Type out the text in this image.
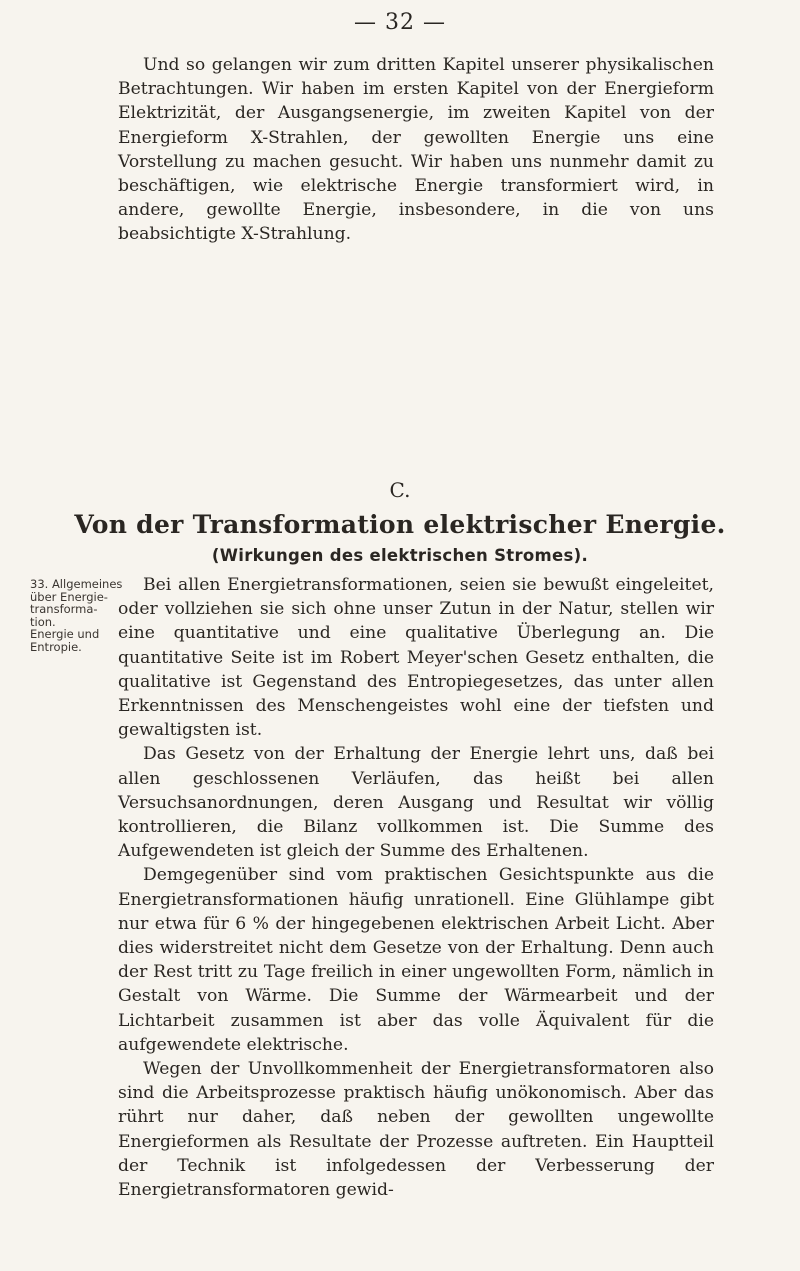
— 32 —

Und so gelangen wir zum dritten Kapitel unserer physikalischen Betrachtungen. Wir haben im ersten Kapitel von der Energieform Elektrizität, der Ausgangsenergie, im zweiten Kapitel von der Energieform X-Strahlen, der gewollten Energie uns eine Vorstellung zu machen gesucht. Wir haben uns nunmehr damit zu beschäftigen, wie elektrische Energie transformiert wird, in andere, gewollte Energie, insbesondere, in die von uns beabsichtigte X-Strahlung.

C.
Von der Transformation elektrischer Energie.
(Wirkungen des elektrischen Stromes).
33. Allgemeines
über Energie-
transforma-
tion.
Energie und
Entropie.

Bei allen Energietransformationen, seien sie bewußt eingeleitet, oder vollziehen sie sich ohne unser Zutun in der Natur, stellen wir eine quantitative und eine qualitative Überlegung an. Die quantitative Seite ist im Robert Meyer'schen Gesetz enthalten, die qualitative ist Gegenstand des Entropiegesetzes, das unter allen Erkenntnissen des Menschengeistes wohl eine der tiefsten und gewaltigsten ist.

Das Gesetz von der Erhaltung der Energie lehrt uns, daß bei allen geschlossenen Verläufen, das heißt bei allen Versuchsanordnungen, deren Ausgang und Resultat wir völlig kontrollieren, die Bilanz vollkommen ist. Die Summe des Aufgewendeten ist gleich der Summe des Erhaltenen.

Demgegenüber sind vom praktischen Gesichtspunkte aus die Energietransformationen häufig unrationell. Eine Glühlampe gibt nur etwa für 6 % der hingegebenen elektrischen Arbeit Licht. Aber dies widerstreitet nicht dem Gesetze von der Erhaltung. Denn auch der Rest tritt zu Tage freilich in einer ungewollten Form, nämlich in Gestalt von Wärme. Die Summe der Wärmearbeit und der Lichtarbeit zusammen ist aber das volle Äquivalent für die aufgewendete elektrische.

Wegen der Unvollkommenheit der Energietransformatoren also sind die Arbeitsprozesse praktisch häufig unökonomisch. Aber das rührt nur daher, daß neben der gewollten ungewollte Energieformen als Resultate der Prozesse auftreten. Ein Hauptteil der Technik ist infolgedessen der Verbesserung der Energietransformatoren gewid-
